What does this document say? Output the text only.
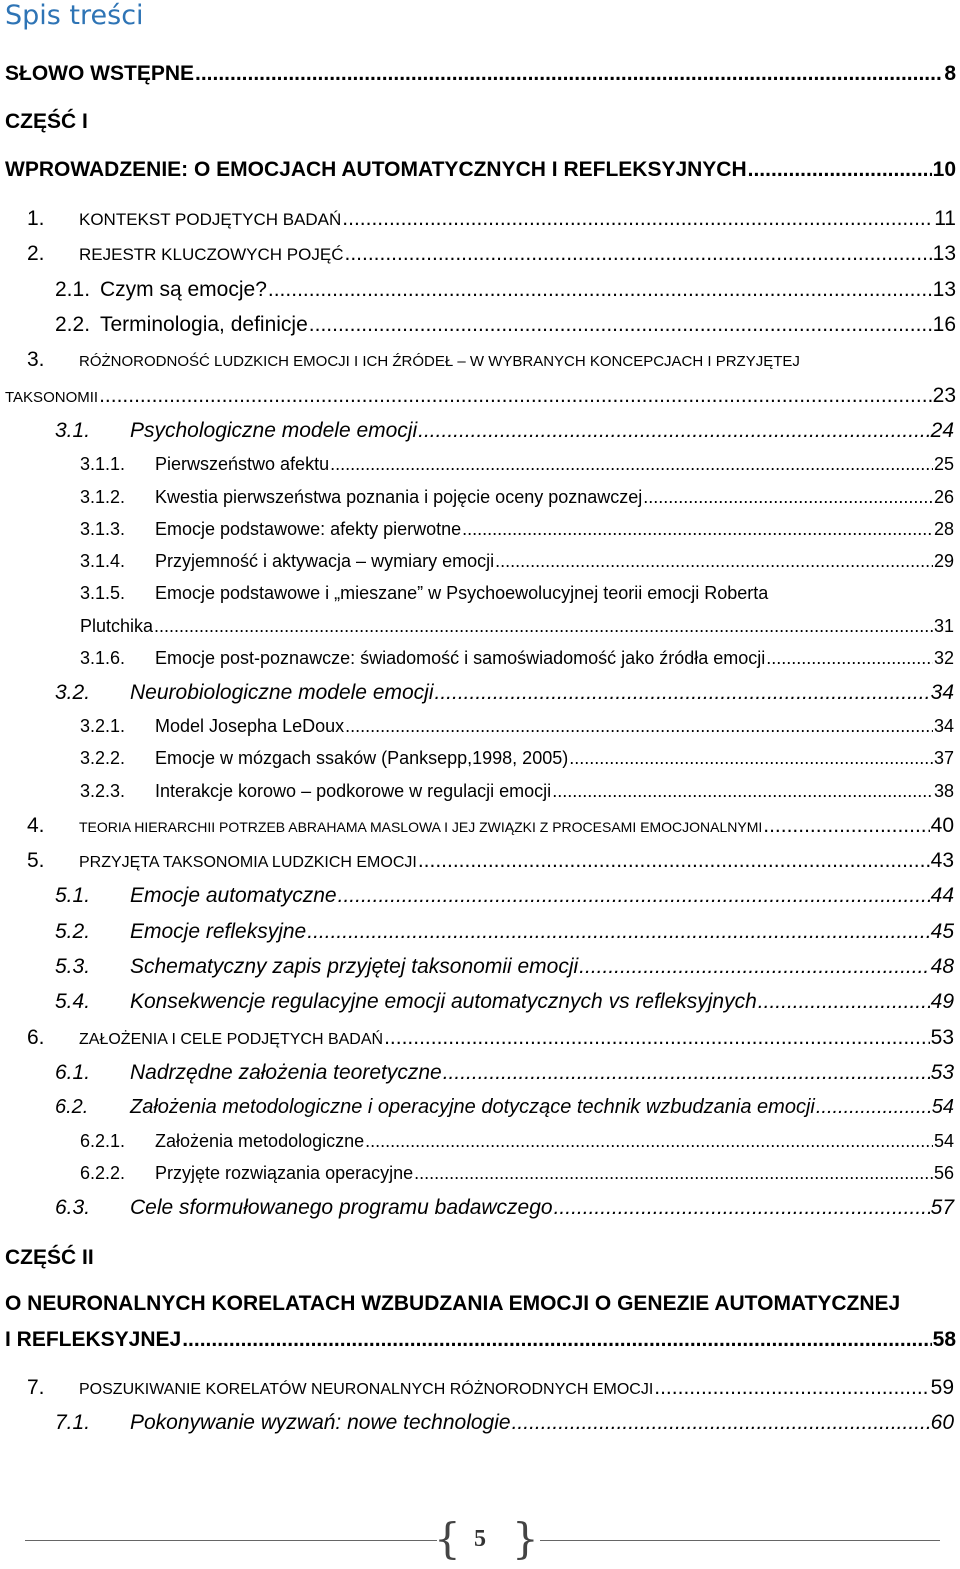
Spis treści
SŁOWO WSTĘPNE .....	8
CZĘŚĆ I
WPROWADZENIE: O EMOCJACH AUTOMATYCZNYCH I REFLEKSYJNYCH .....	10
1.	KONTEKST PODJĘTYCH BADAŃ .....	11
2.	REJESTR KLUCZOWYCH POJĘĆ .....	13
2.1. Czym są emocje? .....	13
2.2. Terminologia, definicje .....	16
3. RÓŻNORODNOŚĆ LUDZKICH EMOCJI I ICH ŹRÓDEŁ – W WYBRANYCH KONCEPCJACH I PRZYJĘTEJ
TAKSONOMII .....	23
3.1.	Psychologiczne modele emocji .....	24
3.1.1.	Pierwszeństwo afektu .....	25
3.1.2.	Kwestia pierwszeństwa poznania i pojęcie oceny poznawczej .....	26
3.1.3.	Emocje podstawowe: afekty pierwotne .....	28
3.1.4.	Przyjemność i aktywacja – wymiary emocji .....	29
3.1.5. Emocje podstawowe i „mieszane” w Psychoewolucyjnej teorii emocji Roberta
Plutchika .....	31
3.1.6.	Emocje post-poznawcze: świadomość i samoświadomość jako źródła emocji .....	32
3.2.	Neurobiologiczne modele emocji .....	34
3.2.1.	Model Josepha LeDoux .....	34
3.2.2.	Emocje w mózgach ssaków (Panksepp,1998, 2005) .....	37
3.2.3.	Interakcje korowo – podkorowe w regulacji emocji .....	38
4.	TEORIA HIERARCHII POTRZEB ABRAHAMA MASLOWA I JEJ ZWIĄZKI Z PROCESAMI EMOCJONALNYMI .....	40
5.	PRZYJĘTA TAKSONOMIA LUDZKICH EMOCJI .....	43
5.1.	Emocje automatyczne .....	44
5.2.	Emocje refleksyjne .....	45
5.3.	Schematyczny zapis przyjętej taksonomii emocji .....	48
5.4.	Konsekwencje regulacyjne emocji automatycznych vs refleksyjnych .....	49
6.	ZAŁOŻENIA I CELE PODJĘTYCH BADAŃ .....	53
6.1.	Nadrzędne założenia teoretyczne .....	53
6.2.	Założenia metodologiczne i operacyjne dotyczące technik wzbudzania emocji .....	54
6.2.1.	Założenia metodologiczne .....	54
6.2.2.	Przyjęte rozwiązania operacyjne .....	56
6.3.	Cele sformułowanego programu badawczego .....	57
CZĘŚĆ II
O NEURONALNYCH KORELATACH WZBUDZANIA EMOCJI O GENEZIE AUTOMATYCZNEJ
I REFLEKSYJNEJ .....	58
7.	POSZUKIWANIE KORELATÓW NEURONALNYCH RÓŻNORODNYCH EMOCJI .....	59
7.1.	Pokonywanie wyzwań: nowe technologie .....	60
{ 5 }
